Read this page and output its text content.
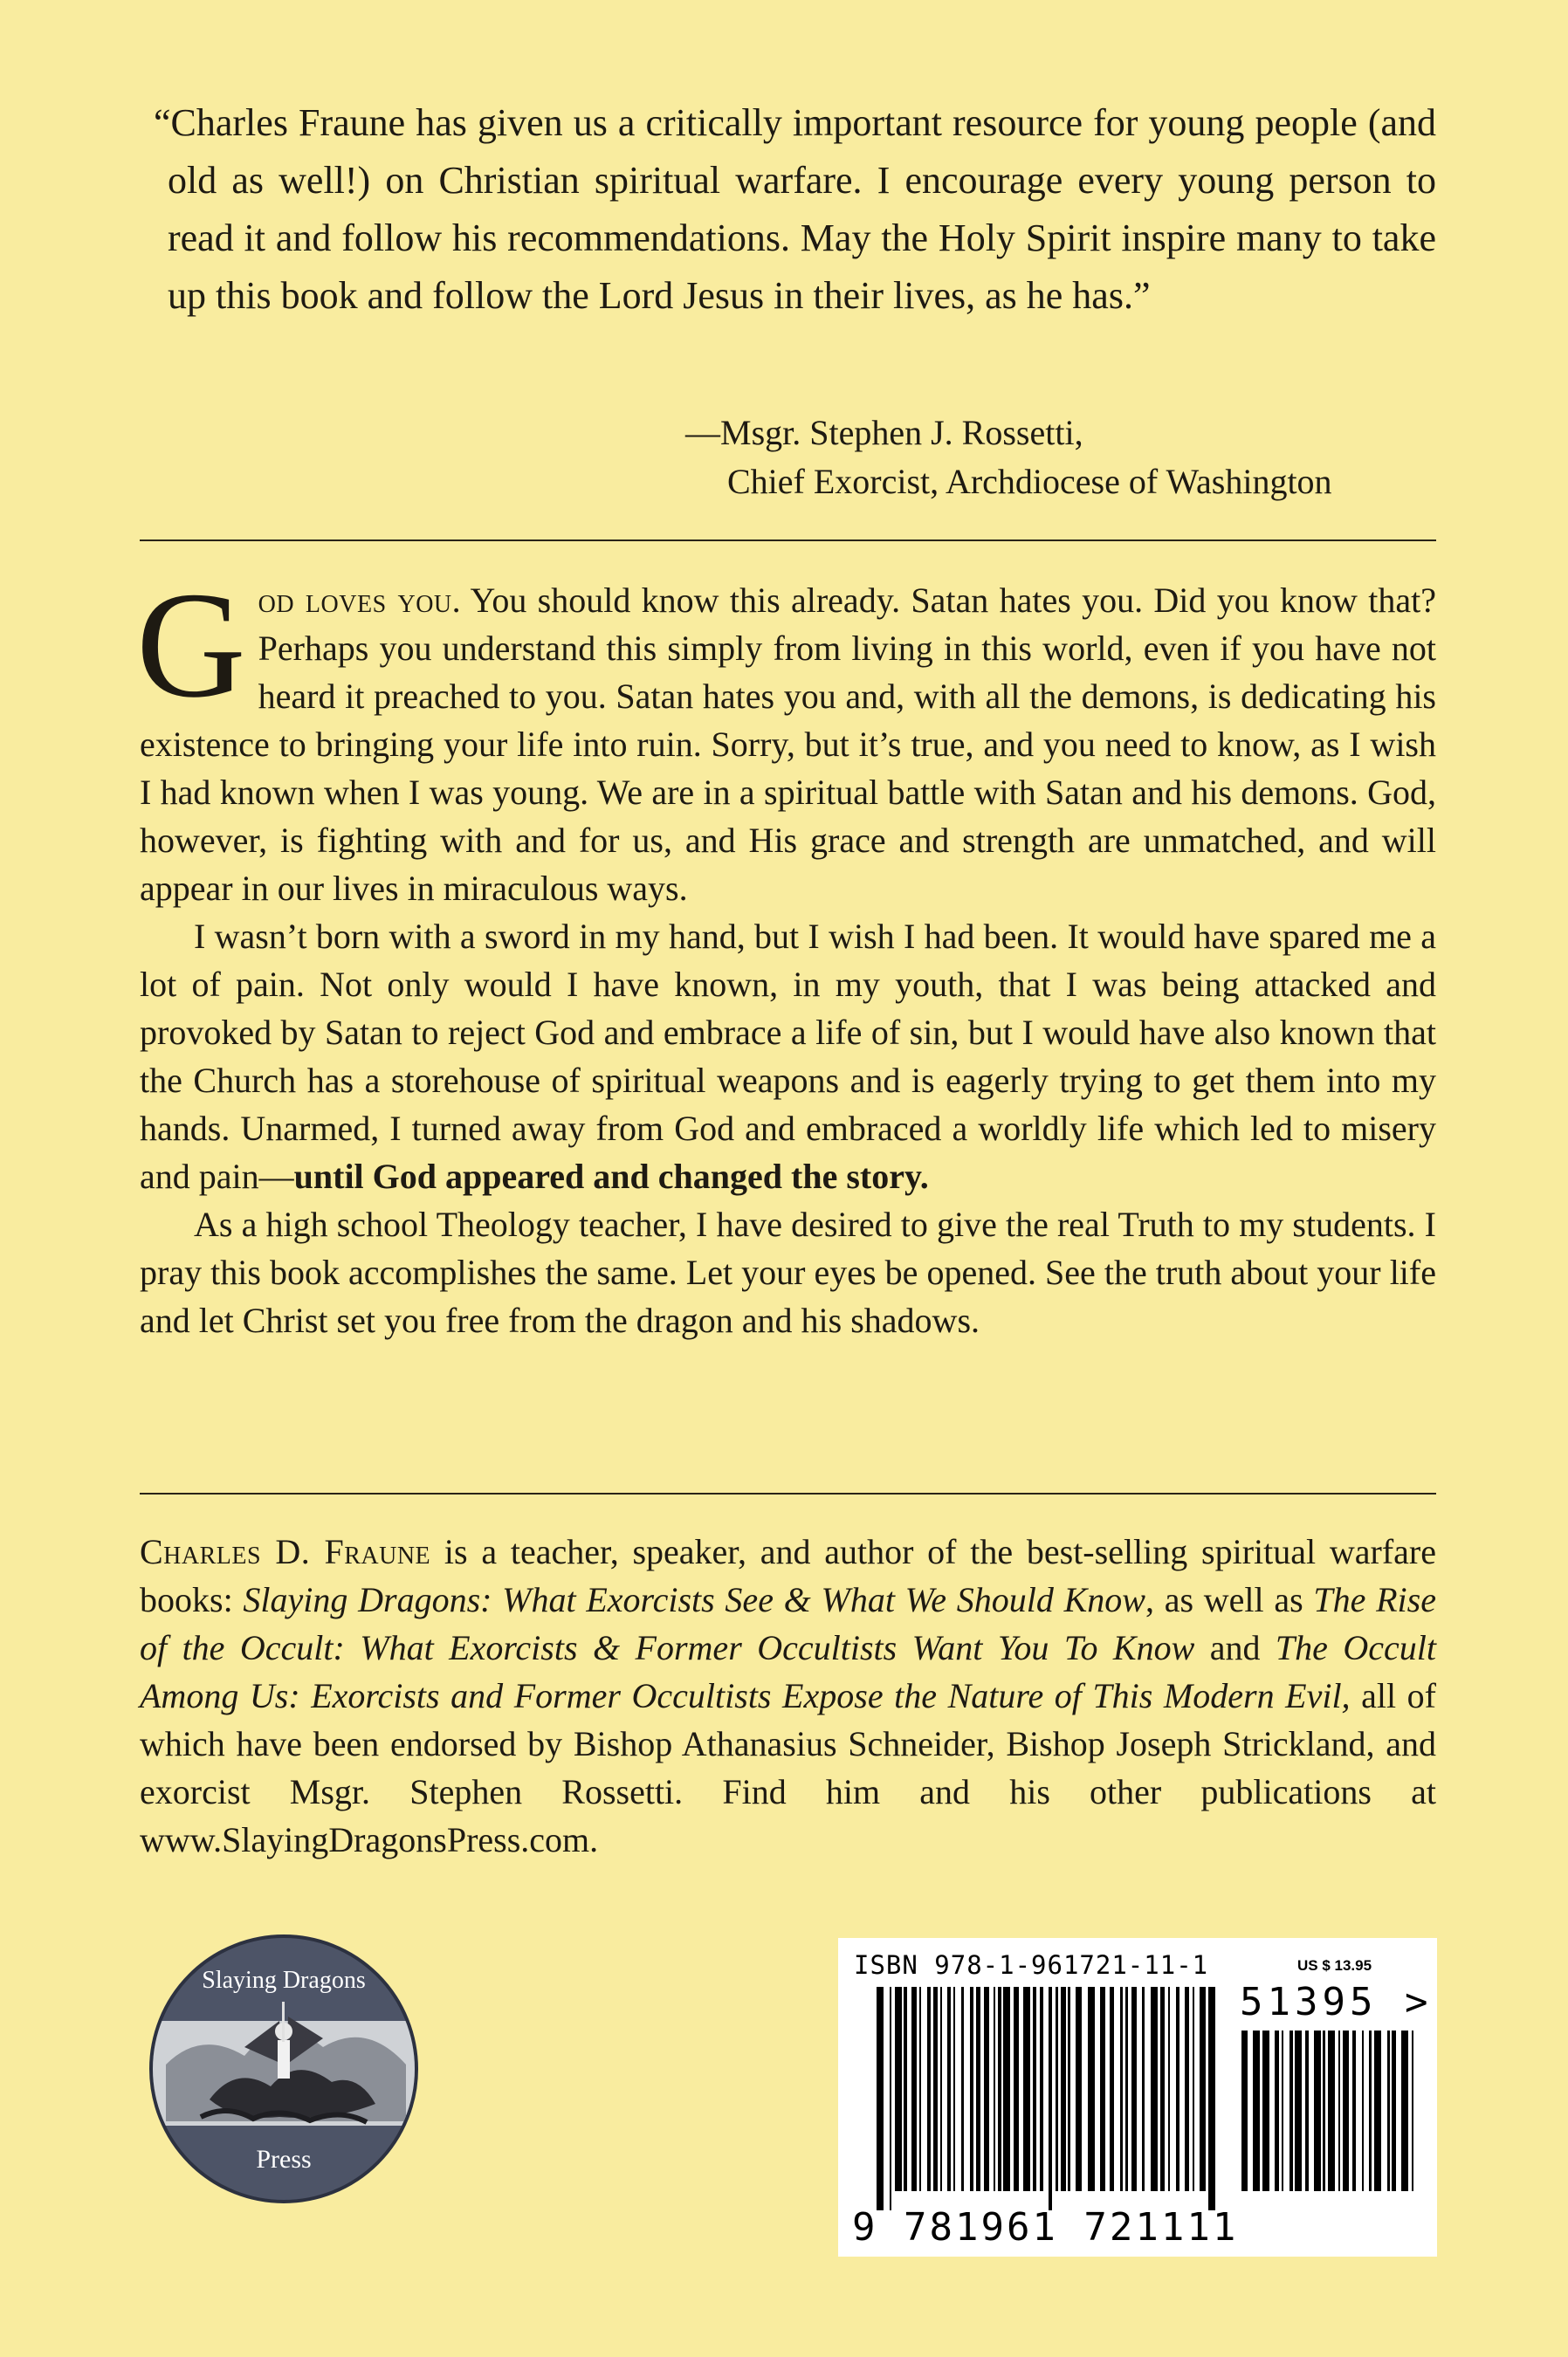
“Charles Fraune has given us a critically important resource for young people (and old as well!) on Christian spiritual warfare. I encourage every young person to read it and follow his recommendations. May the Holy Spirit inspire many to take up this book and follow the Lord Jesus in their lives, as he has.”
—Msgr. Stephen J. Rossetti,
Chief Exorcist, Archdiocese of Washington

God loves you. You should know this already. Satan hates you. Did you know that? Perhaps you understand this simply from living in this world, even if you have not heard it preached to you. Satan hates you and, with all the demons, is dedicating his existence to bringing your life into ruin. Sorry, but it’s true, and you need to know, as I wish I had known when I was young. We are in a spiritual battle with Satan and his demons. God, however, is fighting with and for us, and His grace and strength are unmatched, and will appear in our lives in miraculous ways.

I wasn’t born with a sword in my hand, but I wish I had been. It would have spared me a lot of pain. Not only would I have known, in my youth, that I was being attacked and provoked by Satan to reject God and embrace a life of sin, but I would have also known that the Church has a storehouse of spiritual weapons and is eagerly trying to get them into my hands. Unarmed, I turned away from God and embraced a worldly life which led to misery and pain—until God appeared and changed the story.

As a high school Theology teacher, I have desired to give the real Truth to my students. I pray this book accomplishes the same. Let your eyes be opened. See the truth about your life and let Christ set you free from the dragon and his shadows.

Charles D. Fraune is a teacher, speaker, and author of the best-selling spiritual warfare books: Slaying Dragons: What Exorcists See & What We Should Know, as well as The Rise of the Occult: What Exorcists & Former Occultists Want You To Know and The Occult Among Us: Exorcists and Former Occultists Expose the Nature of This Modern Evil, all of which have been endorsed by Bishop Athanasius Schneider, Bishop Joseph Strickland, and exorcist Msgr. Stephen Rossetti. Find him and his other publications at www.SlayingDragonsPress.com.
Slaying Dragons
Press
ISBN 978-1-961721-11-1	US $ 13.95
51395 >
9 781961 721111
